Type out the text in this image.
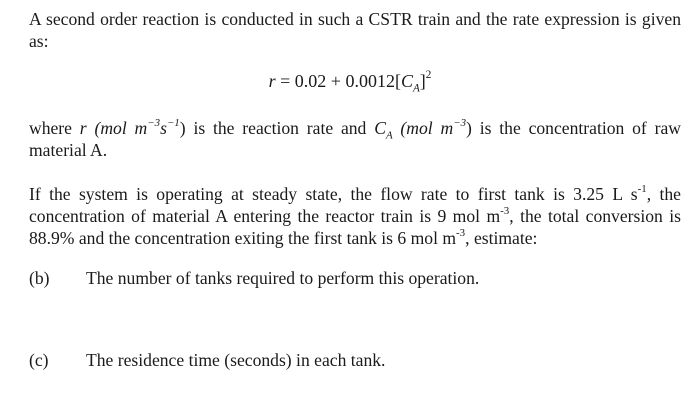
A second order reaction is conducted in such a CSTR train and the rate expression is given as:

$r = 0.02 + 0.0012[C_A]^2$

where r (mol $m^{-3}s^{-1}$) is the reaction rate and $C_A$ (mol $m^{-3}$) is the concentration of raw material A.

If the system is operating at steady state, the flow rate to first tank is 3.25 L $s^{-1}$, the concentration of material A entering the reactor train is 9 mol $m^{-3}$, the total conversion is 88.9% and the concentration exiting the first tank is 6 mol $m^{-3}$, estimate:

(b) The number of tanks required to perform this operation.
(c) The residence time (seconds) in each tank.
